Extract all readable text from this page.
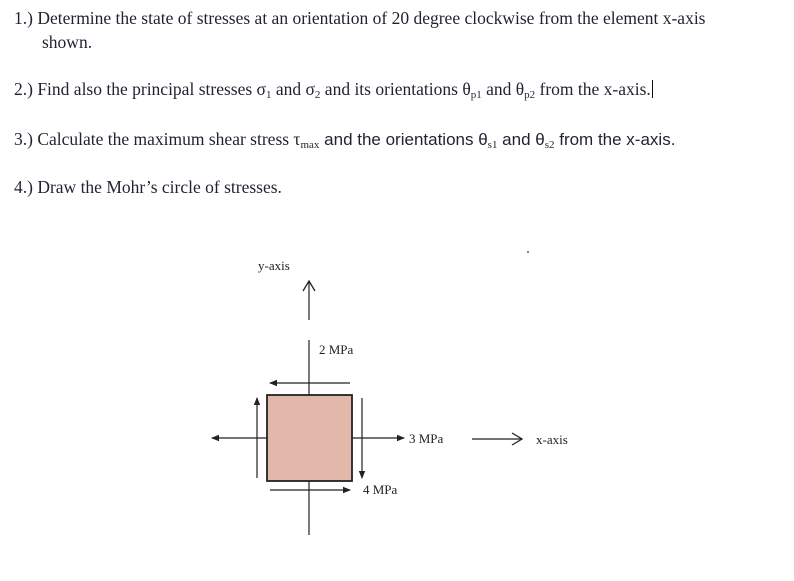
1.) Determine the state of stresses at an orientation of 20 degree clockwise from the element x-axis
shown.
2.) Find also the principal stresses $\sigma_1$ and $\sigma_2$ and its orientations $\theta_{p1}$ and $\theta_{p2}$ from the x-axis.
3.) Calculate the maximum shear stress $\tau_{max}$ and the orientations $\theta_{s1}$ and $\theta_{s2}$ from the x-axis.
4.) Draw the Mohr’s circle of stresses.
y-axis
2 MPa
4 MPa
3 MPa	x-axis
